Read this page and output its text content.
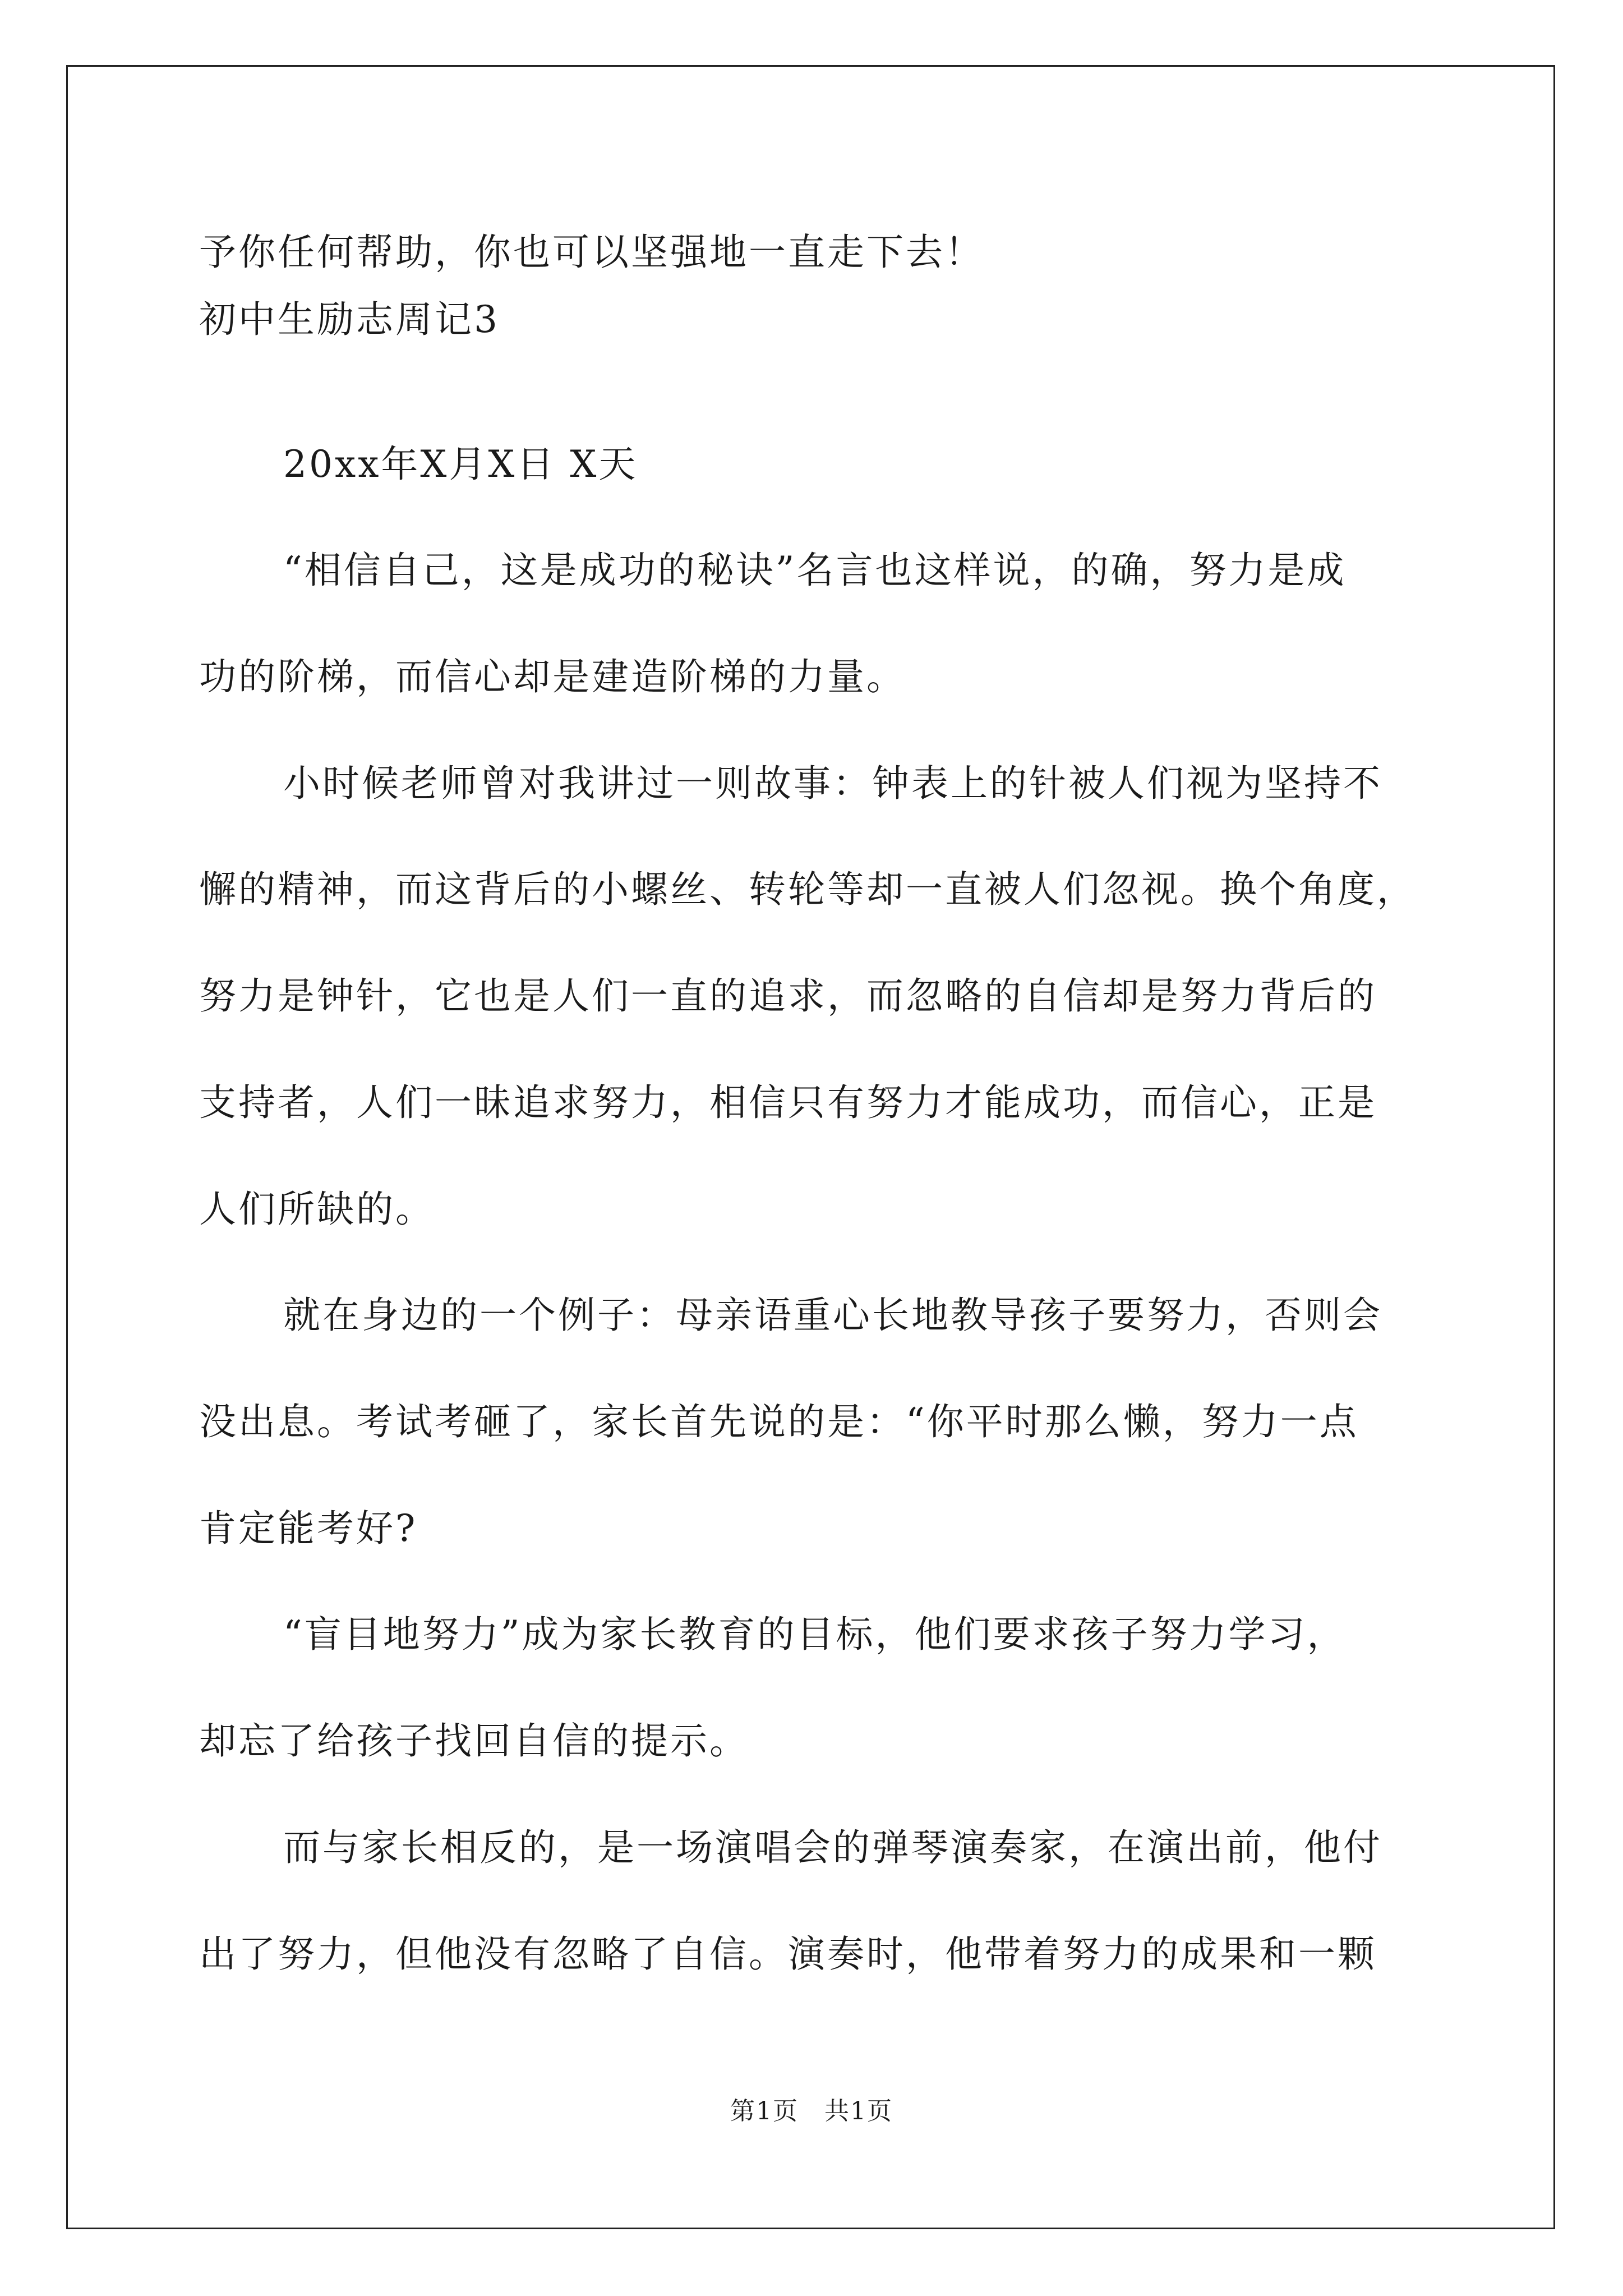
予你任何帮助，你也可以坚强地一直走下去！
初中生励志周记3
20xx年X月X日 X天
“相信自己，这是成功的秘诀”名言也这样说，的确，努力是成
功的阶梯，而信心却是建造阶梯的力量。
小时候老师曾对我讲过一则故事：钟表上的针被人们视为坚持不
懈的精神，而这背后的小螺丝、转轮等却一直被人们忽视。换个角度，
努力是钟针，它也是人们一直的追求，而忽略的自信却是努力背后的
支持者，人们一昧追求努力，相信只有努力才能成功，而信心，正是
人们所缺的。
就在身边的一个例子：母亲语重心长地教导孩子要努力，否则会
没出息。考试考砸了，家长首先说的是：“你平时那么懒，努力一点
肯定能考好?
“盲目地努力”成为家长教育的目标，他们要求孩子努力学习，
却忘了给孩子找回自信的提示。
而与家长相反的，是一场演唱会的弹琴演奏家，在演出前，他付
出了努力，但他没有忽略了自信。演奏时，他带着努力的成果和一颗
第1页　共1页
